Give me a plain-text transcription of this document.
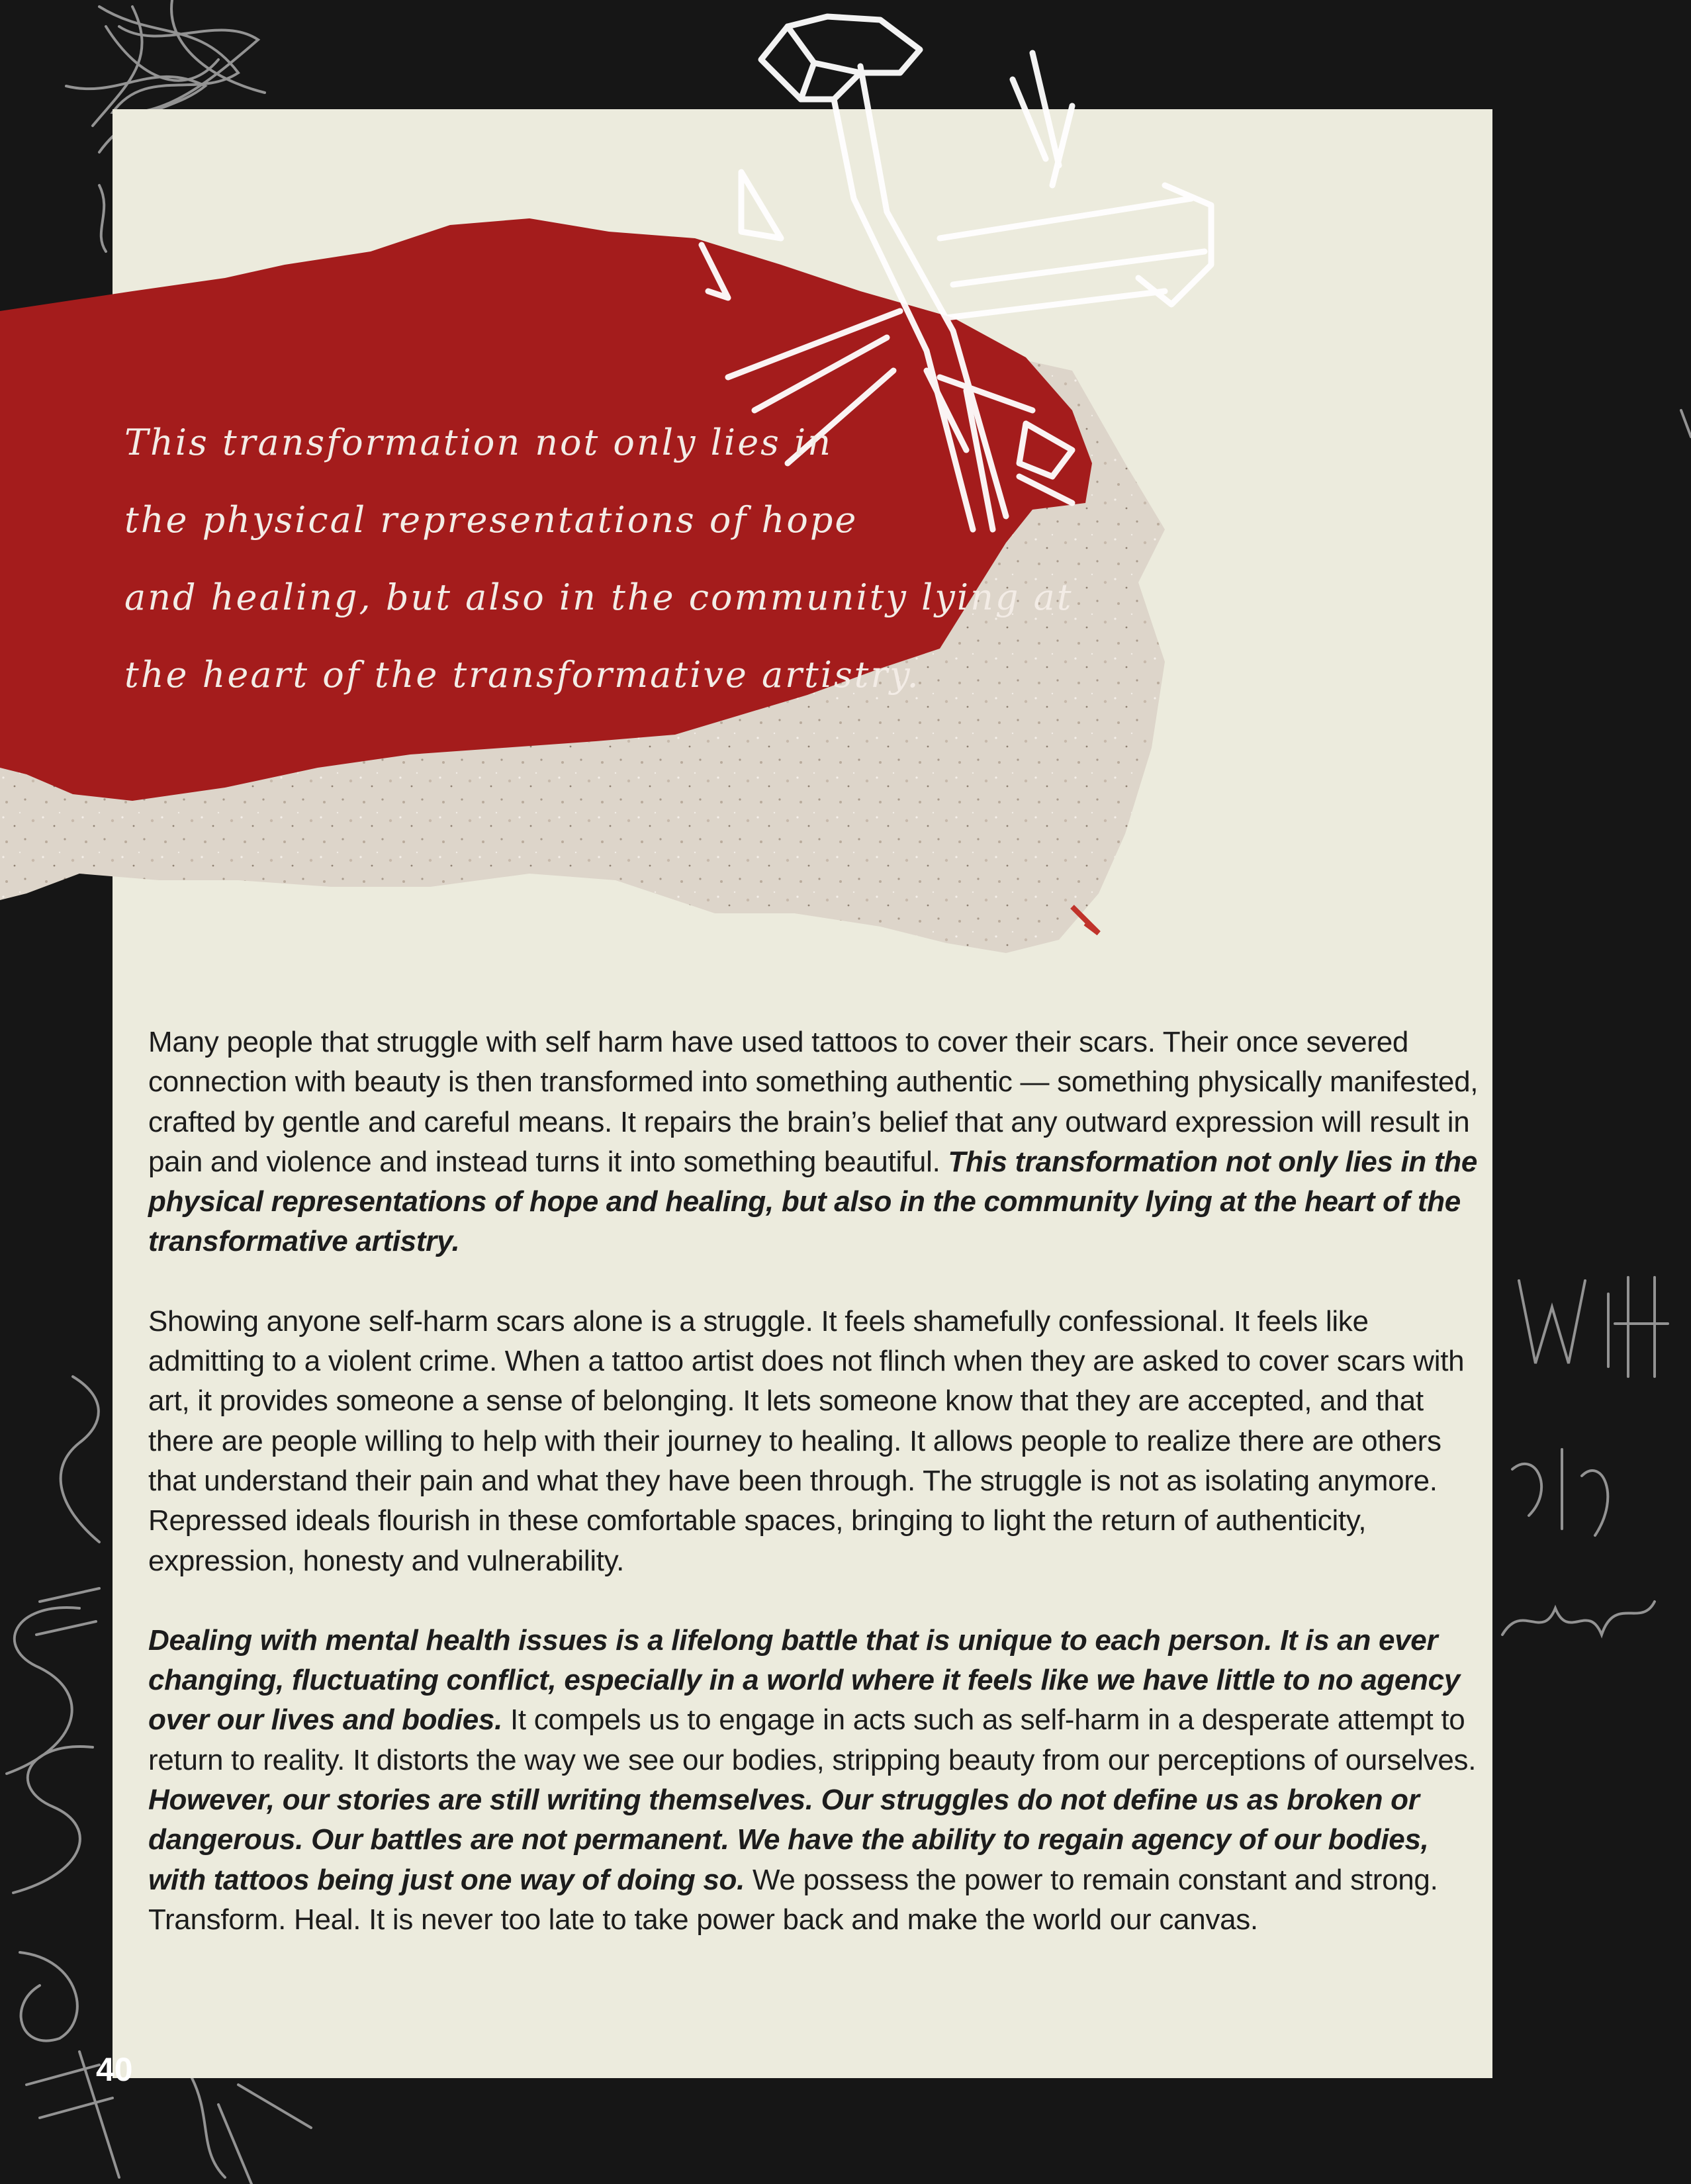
This transformation not only lies in
the physical representations of hope
and healing, but also in the community lying at
the heart of the transformative artistry.

Many people that struggle with self harm have used tattoos to cover their scars. Their once severed connection with beauty is then transformed into something authentic — something physically manifested, crafted by gentle and careful means. It repairs the brain’s belief that any outward expression will result in pain and violence and instead turns it into something beautiful. This transformation not only lies in the physical representations of hope and healing, but also in the community lying at the heart of the transformative artistry.

Showing anyone self-harm scars alone is a struggle. It feels shamefully confessional. It feels like admitting to a violent crime. When a tattoo artist does not flinch when they are asked to cover scars with art, it provides someone a sense of belonging. It lets someone know that they are accepted, and that there are people willing to help with their journey to healing. It allows people to realize there are others that understand their pain and what they have been through. The struggle is not as isolating anymore. Repressed ideals flourish in these comfortable spaces, bringing to light the return of authenticity, expression, honesty and vulnerability.

Dealing with mental health issues is a lifelong battle that is unique to each person. It is an ever changing, fluctuating conflict, especially in a world where it feels like we have little to no agency over our lives and bodies. It compels us to engage in acts such as self-harm in a desperate attempt to return to reality. It distorts the way we see our bodies, stripping beauty from our perceptions of ourselves. However, our stories are still writing themselves. Our struggles do not define us as broken or dangerous. Our battles are not permanent. We have the ability to regain agency of our bodies, with tattoos being just one way of doing so. We possess the power to remain constant and strong. Transform. Heal. It is never too late to take power back and make the world our canvas.

40
